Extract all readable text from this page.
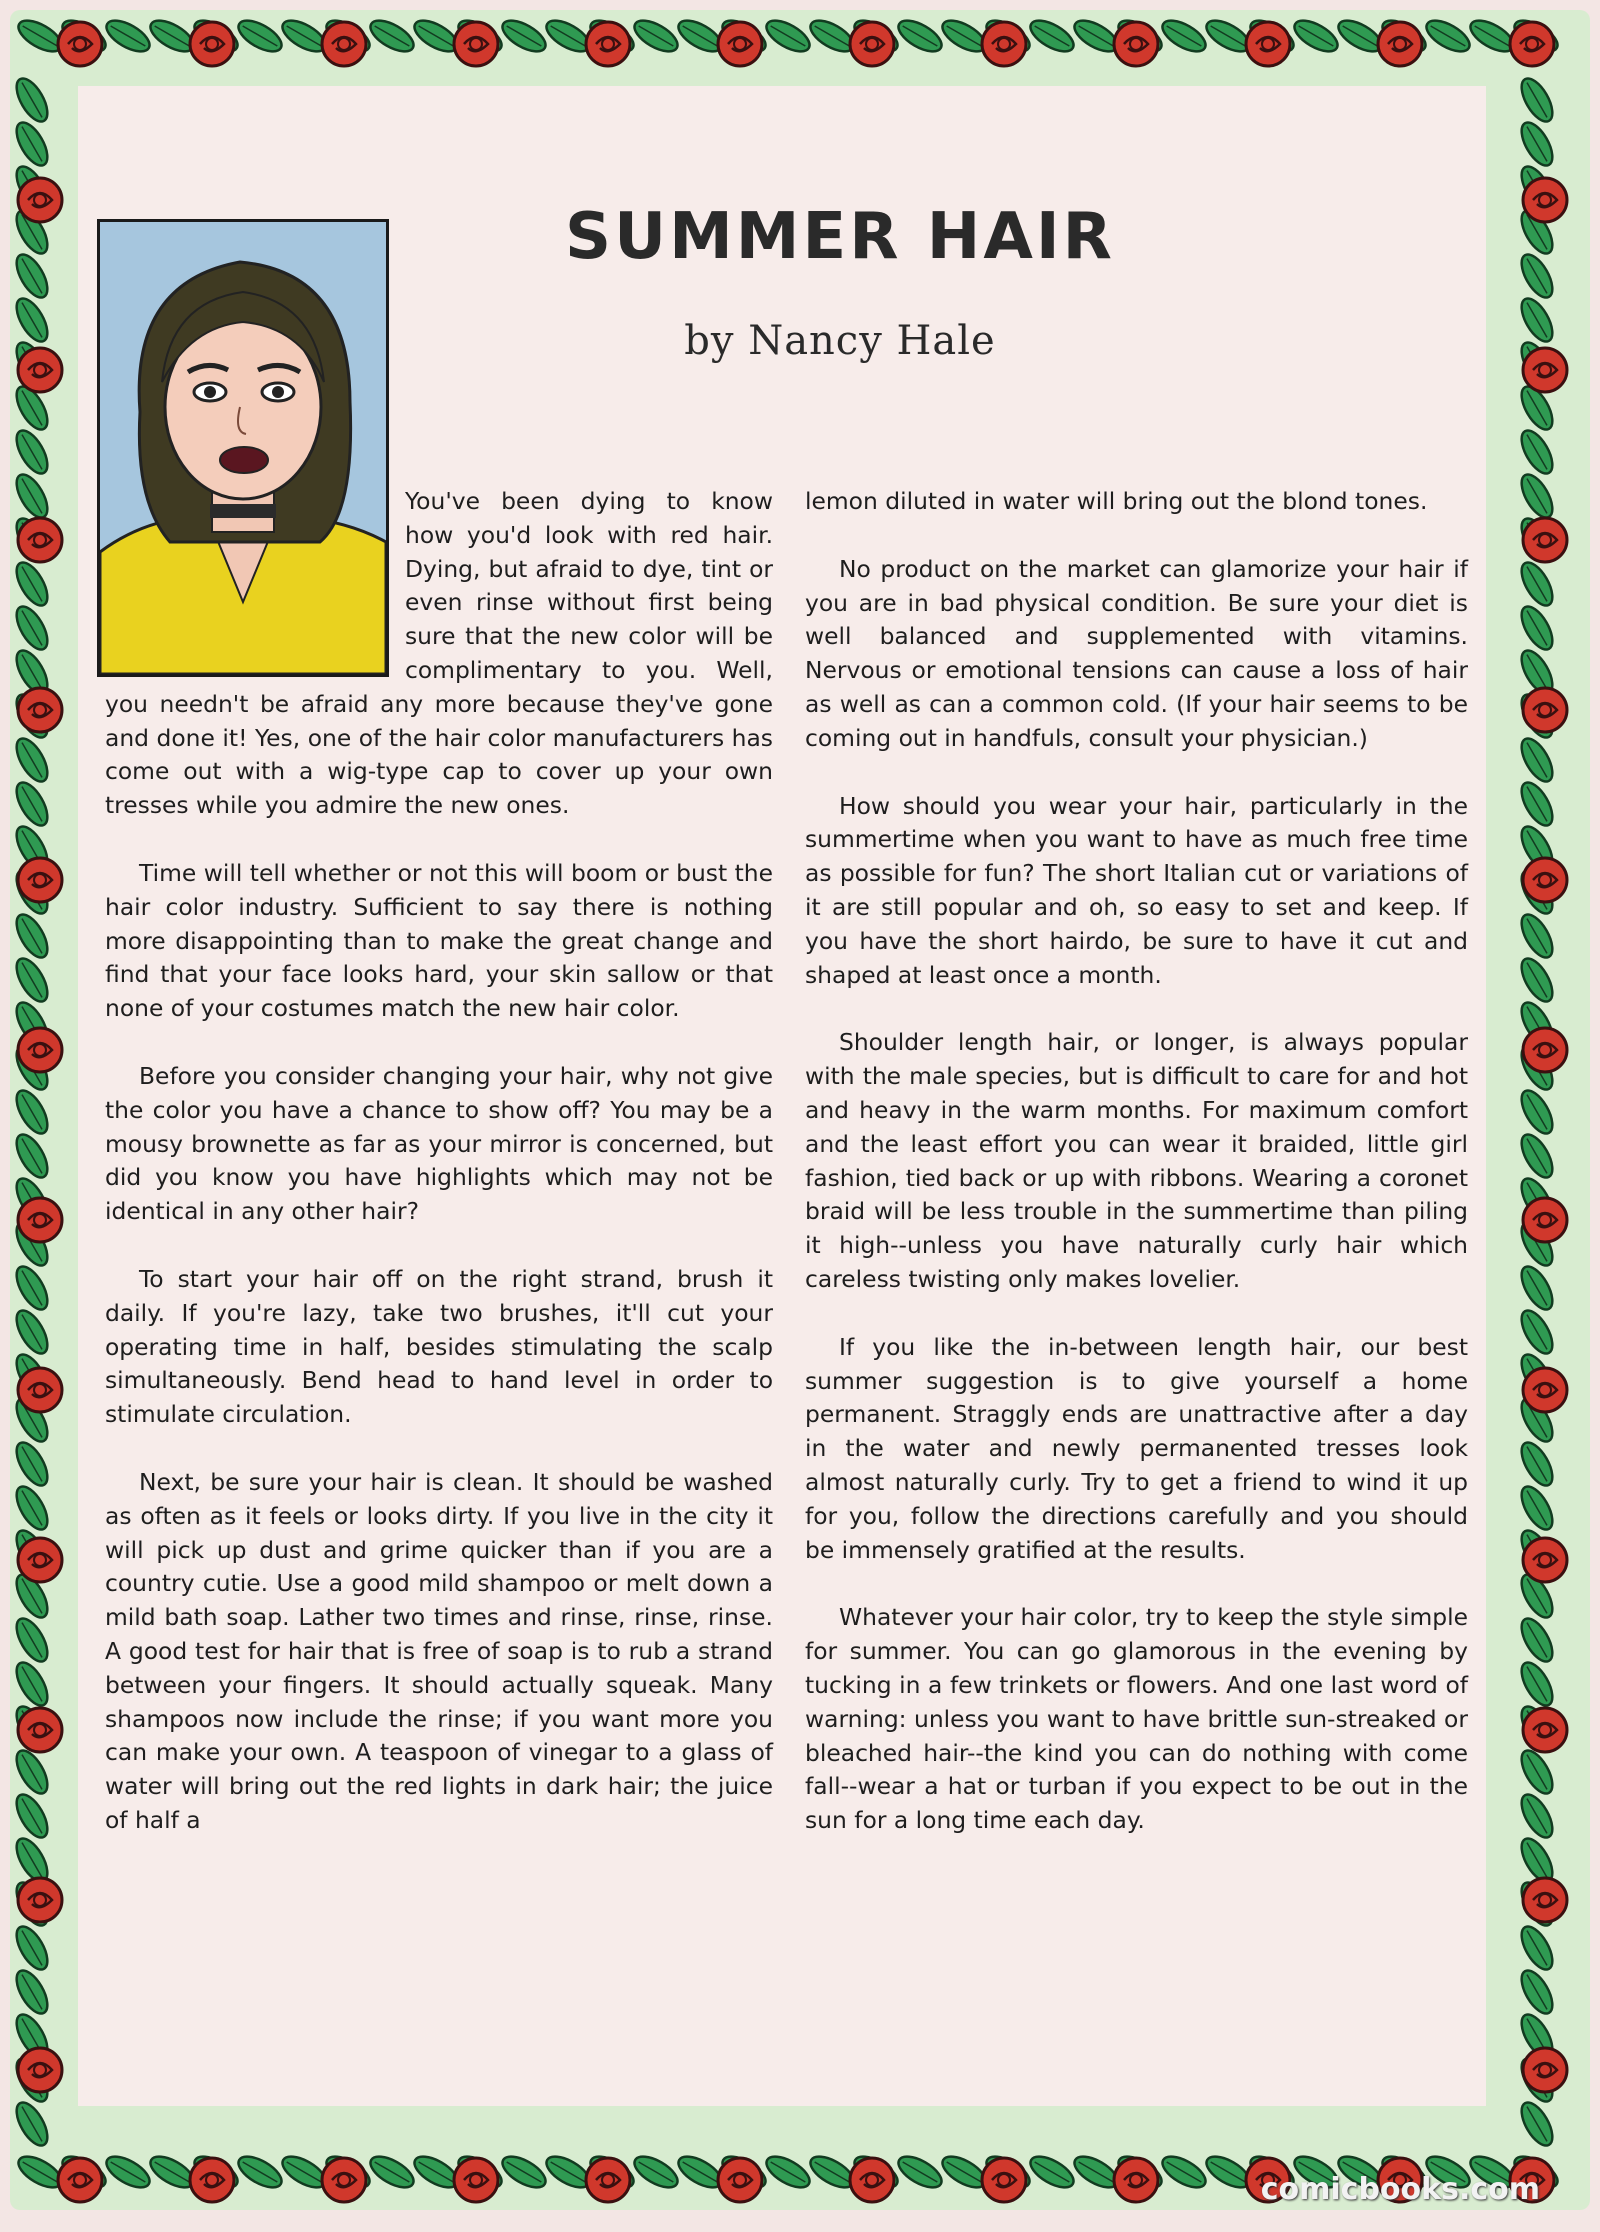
SUMMER HAIR
by Nancy Hale

You've been dying to know how you'd look with red hair. Dying, but afraid to dye, tint or even rinse without first being sure that the new color will be complimentary to you. Well, you needn't be afraid any more because they've gone and done it! Yes, one of the hair color manufacturers has come out with a wig-type cap to cover up your own tresses while you admire the new ones.

Time will tell whether or not this will boom or bust the hair color industry. Sufficient to say there is nothing more disappointing than to make the great change and find that your face looks hard, your skin sallow or that none of your costumes match the new hair color.

Before you consider changing your hair, why not give the color you have a chance to show off? You may be a mousy brownette as far as your mirror is concerned, but did you know you have highlights which may not be identical in any other hair?

To start your hair off on the right strand, brush it daily. If you're lazy, take two brushes, it'll cut your operating time in half, besides stimulating the scalp simultaneously. Bend head to hand level in order to stimulate circulation.

Next, be sure your hair is clean. It should be washed as often as it feels or looks dirty. If you live in the city it will pick up dust and grime quicker than if you are a country cutie. Use a good mild shampoo or melt down a mild bath soap. Lather two times and rinse, rinse, rinse. A good test for hair that is free of soap is to rub a strand between your fingers. It should actually squeak. Many shampoos now include the rinse; if you want more you can make your own. A teaspoon of vinegar to a glass of water will bring out the red lights in dark hair; the juice of half a

lemon diluted in water will bring out the blond tones.

No product on the market can glamorize your hair if you are in bad physical condition. Be sure your diet is well balanced and supplemented with vitamins. Nervous or emotional tensions can cause a loss of hair as well as can a common cold. (If your hair seems to be coming out in handfuls, consult your physician.)

How should you wear your hair, particularly in the summertime when you want to have as much free time as possible for fun? The short Italian cut or variations of it are still popular and oh, so easy to set and keep. If you have the short hairdo, be sure to have it cut and shaped at least once a month.

Shoulder length hair, or longer, is always popular with the male species, but is difficult to care for and hot and heavy in the warm months. For maximum comfort and the least effort you can wear it braided, little girl fashion, tied back or up with ribbons. Wearing a coronet braid will be less trouble in the summertime than piling it high--unless you have naturally curly hair which careless twisting only makes lovelier.

If you like the in-between length hair, our best summer suggestion is to give yourself a home permanent. Straggly ends are unattractive after a day in the water and newly permanented tresses look almost naturally curly. Try to get a friend to wind it up for you, follow the directions carefully and you should be immensely gratified at the results.

Whatever your hair color, try to keep the style simple for summer. You can go glamorous in the evening by tucking in a few trinkets or flowers. And one last word of warning: unless you want to have brittle sun-streaked or bleached hair--the kind you can do nothing with come fall--wear a hat or turban if you expect to be out in the sun for a long time each day.

comicbooks.com
